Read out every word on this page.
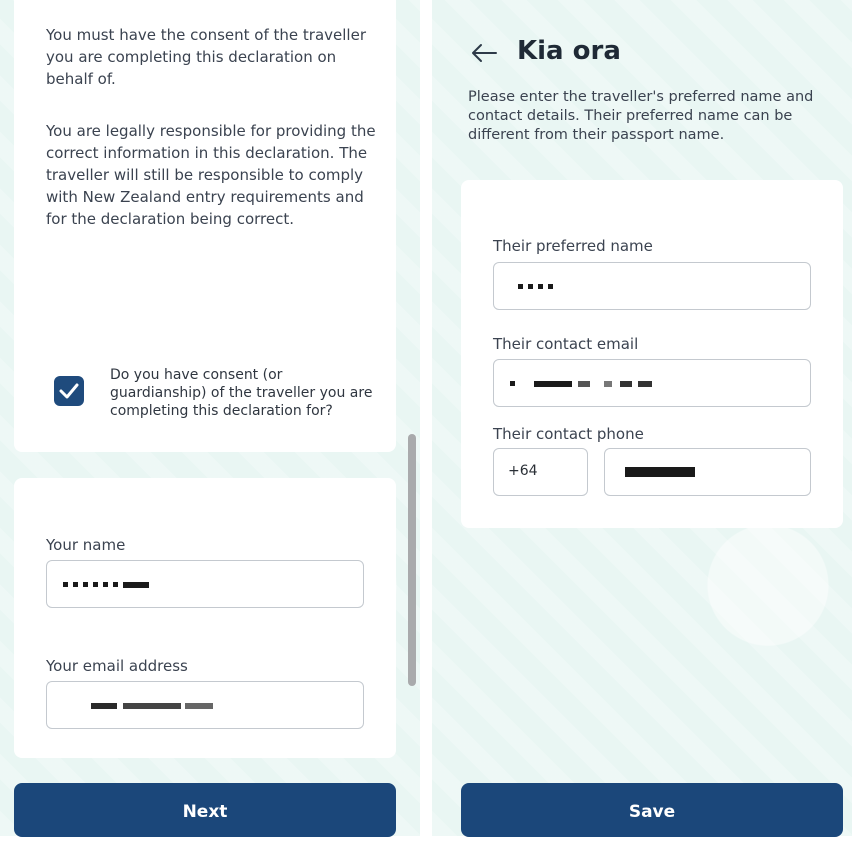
You must have the consent of the traveller you are completing this declaration on behalf of.

You are legally responsible for providing the correct information in this declaration. The traveller will still be responsible to comply with New Zealand entry requirements and for the declaration being correct.

Do you have consent (or guardianship) of the traveller you are completing this declaration for?

Your name
Your email address
Next
Kia ora

Please enter the traveller's preferred name and contact details. Their preferred name can be different from their passport name.

Their preferred name
Their contact email
Their contact phone
+64
Save
